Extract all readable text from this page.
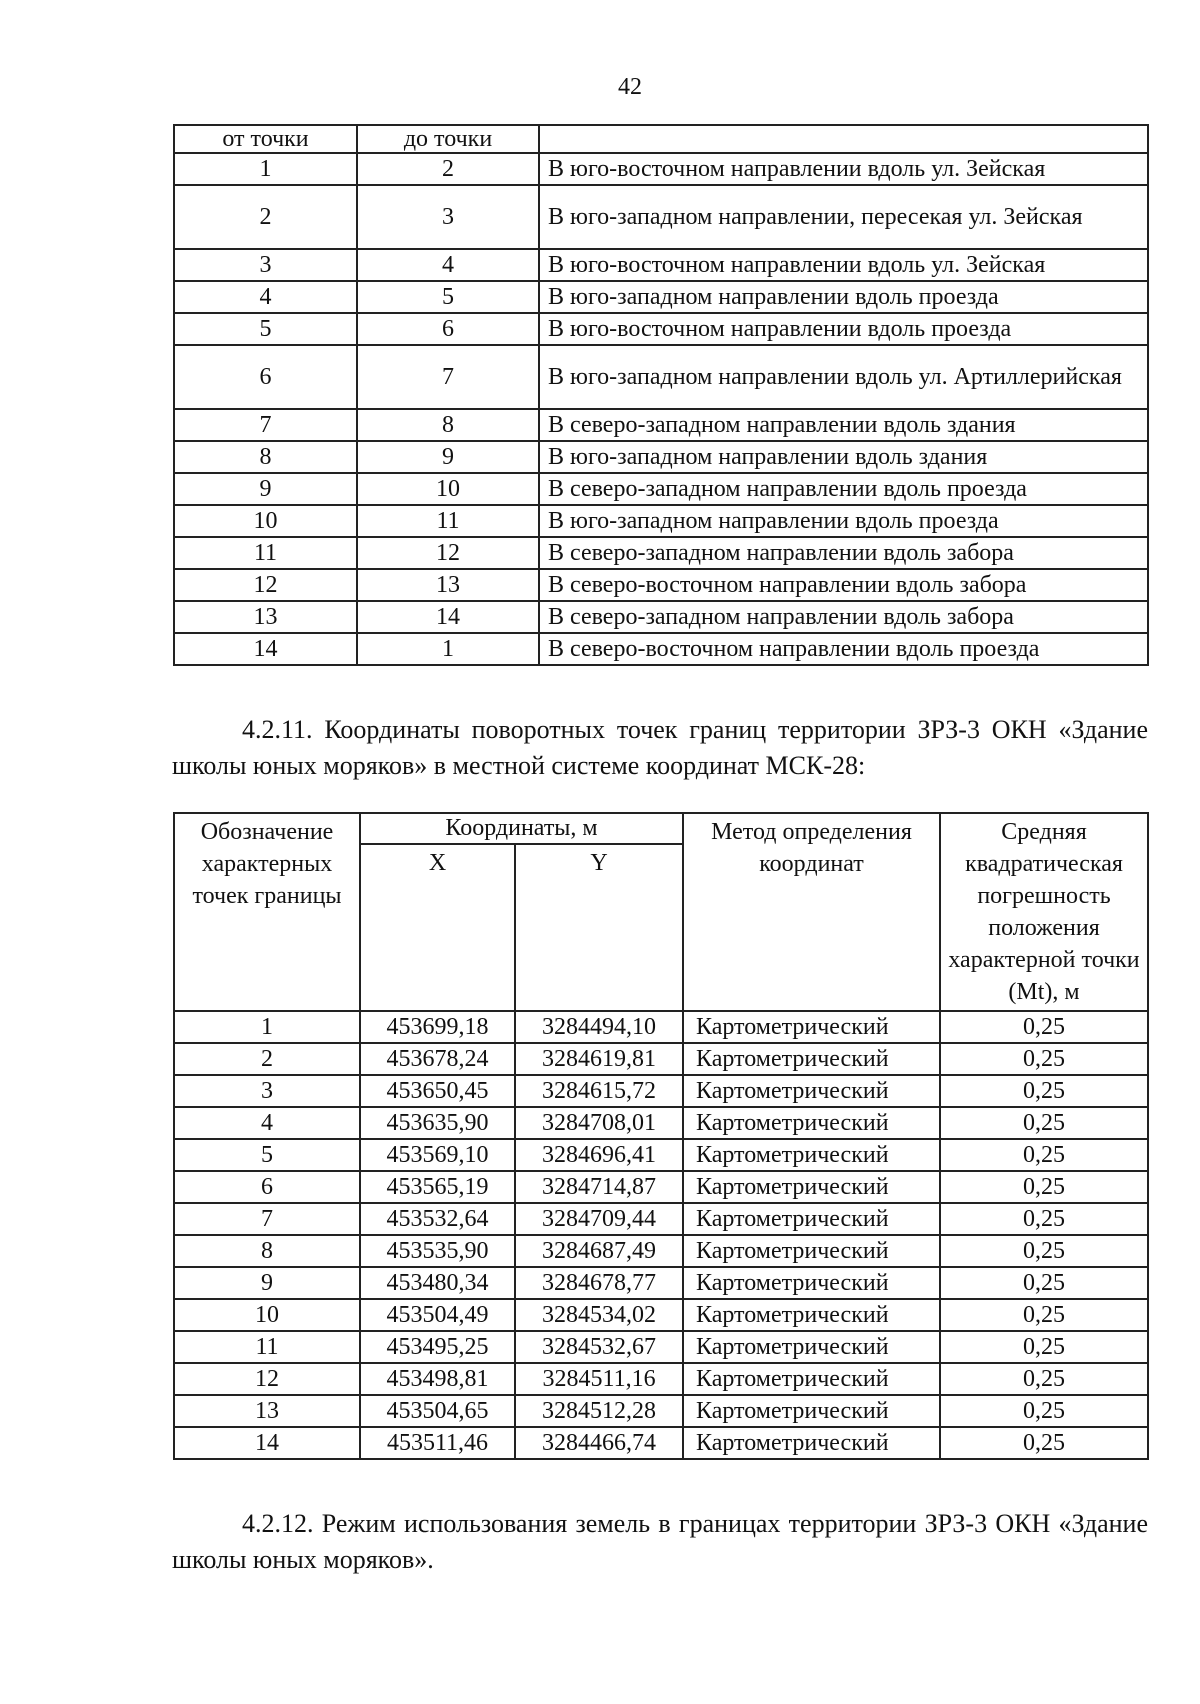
42
от точки	до точки	
1	2	В юго-восточном направлении вдоль ул. Зейская
2	3	В юго-западном направлении, пересекая ул. Зейская
3	4	В юго-восточном направлении вдоль ул. Зейская
4	5	В юго-западном направлении вдоль проезда
5	6	В юго-восточном направлении вдоль проезда
6	7	В юго-западном направлении вдоль ул. Артиллерийская
7	8	В северо-западном направлении вдоль здания
8	9	В юго-западном направлении вдоль здания
9	10	В северо-западном направлении вдоль проезда
10	11	В юго-западном направлении вдоль проезда
11	12	В северо-западном направлении вдоль забора
12	13	В северо-восточном направлении вдоль забора
13	14	В северо-западном направлении вдоль забора
14	1	В северо-восточном направлении вдоль проезда
4.2.11. Координаты поворотных точек границ территории ЗРЗ-3 ОКН «Здание школы юных моряков» в местной системе координат МСК-28:
Обозначение характерных точек границы	Координаты, м		Метод определения координат	Средняя квадратическая погрешность положения характерной точки (Mt), м
	X	Y		
1	453699,18	3284494,10	Картометрический	0,25
2	453678,24	3284619,81	Картометрический	0,25
3	453650,45	3284615,72	Картометрический	0,25
4	453635,90	3284708,01	Картометрический	0,25
5	453569,10	3284696,41	Картометрический	0,25
6	453565,19	3284714,87	Картометрический	0,25
7	453532,64	3284709,44	Картометрический	0,25
8	453535,90	3284687,49	Картометрический	0,25
9	453480,34	3284678,77	Картометрический	0,25
10	453504,49	3284534,02	Картометрический	0,25
11	453495,25	3284532,67	Картометрический	0,25
12	453498,81	3284511,16	Картометрический	0,25
13	453504,65	3284512,28	Картометрический	0,25
14	453511,46	3284466,74	Картометрический	0,25
4.2.12. Режим использования земель в границах территории ЗРЗ-3 ОКН «Здание школы юных моряков».
